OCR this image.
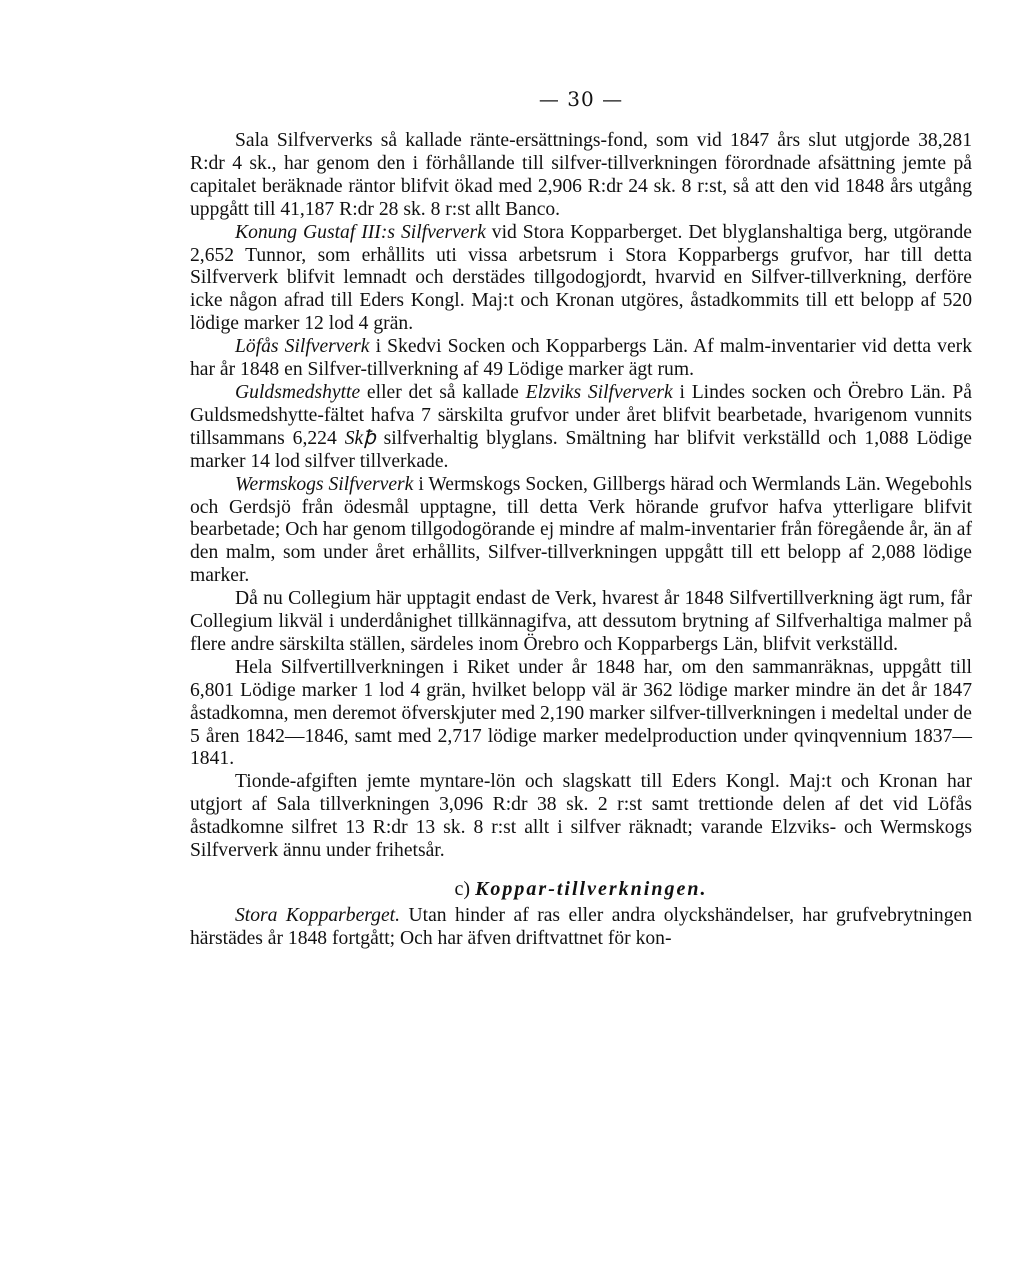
— 30 —

Sala Silfververks så kallade ränte-ersättnings-fond, som vid 1847 års slut utgjorde 38,281 R:dr 4 sk., har genom den i förhållande till silfver-tillverkningen förordnade afsättning jemte på capitalet beräknade räntor blifvit ökad med 2,906 R:dr 24 sk. 8 r:st, så att den vid 1848 års utgång uppgått till 41,187 R:dr 28 sk. 8 r:st allt Banco.

Konung Gustaf III:s Silfververk vid Stora Kopparberget. Det blyglanshaltiga berg, utgörande 2,652 Tunnor, som erhållits uti vissa arbetsrum i Stora Kopparbergs grufvor, har till detta Silfververk blifvit lemnadt och derstädes tillgodogjordt, hvarvid en Silfver-tillverkning, derföre icke någon afrad till Eders Kongl. Maj:t och Kronan utgöres, åstadkommits till ett belopp af 520 lödige marker 12 lod 4 grän.

Löfås Silfververk i Skedvi Socken och Kopparbergs Län. Af malm-inventarier vid detta verk har år 1848 en Silfver-tillverkning af 49 Lödige marker ägt rum.

Guldsmedshytte eller det så kallade Elzviks Silfververk i Lindes socken och Örebro Län. På Guldsmedshytte-fältet hafva 7 särskilta grufvor under året blifvit bearbetade, hvarigenom vunnits tillsammans 6,224 Skꝥ silfverhaltig blyglans. Smältning har blifvit verkställd och 1,088 Lödige marker 14 lod silfver tillverkade.

Wermskogs Silfververk i Wermskogs Socken, Gillbergs härad och Wermlands Län. Wegebohls och Gerdsjö från ödesmål upptagne, till detta Verk hörande grufvor hafva ytterligare blifvit bearbetade; Och har genom tillgodogörande ej mindre af malm-inventarier från föregående år, än af den malm, som under året erhållits, Silfver-tillverkningen uppgått till ett belopp af 2,088 lödige marker.

Då nu Collegium här upptagit endast de Verk, hvarest år 1848 Silfvertillverkning ägt rum, får Collegium likväl i underdånighet tillkännagifva, att dessutom brytning af Silfverhaltiga malmer på flere andre särskilta ställen, särdeles inom Örebro och Kopparbergs Län, blifvit verkställd.

Hela Silfvertillverkningen i Riket under år 1848 har, om den sammanräknas, uppgått till 6,801 Lödige marker 1 lod 4 grän, hvilket belopp väl är 362 lödige marker mindre än det år 1847 åstadkomna, men deremot öfverskjuter med 2,190 marker silfver-tillverkningen i medeltal under de 5 åren 1842—1846, samt med 2,717 lödige marker medelproduction under qvinqvennium 1837—1841.

Tionde-afgiften jemte myntare-lön och slagskatt till Eders Kongl. Maj:t och Kronan har utgjort af Sala tillverkningen 3,096 R:dr 38 sk. 2 r:st samt trettionde delen af det vid Löfås åstadkomne silfret 13 R:dr 13 sk. 8 r:st allt i silfver räknadt; varande Elzviks- och Wermskogs Silfververk ännu under frihetsår.

c) Koppar-tillverkningen.

Stora Kopparberget. Utan hinder af ras eller andra olyckshändelser, har grufvebrytningen härstädes år 1848 fortgått; Och har äfven driftvattnet för kon-
